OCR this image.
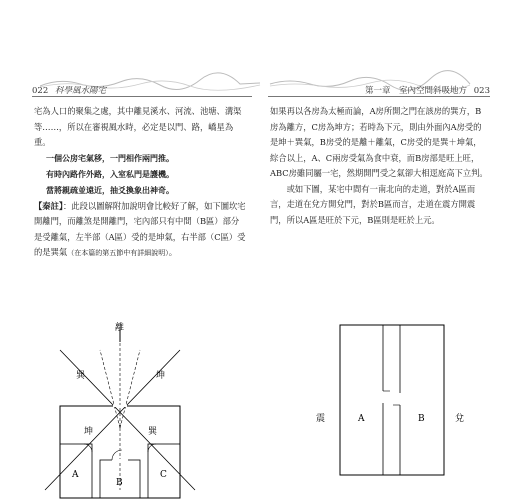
022 科學風水陽宅	第一章　室內空間斜吸地方 023

宅為人口的聚集之處，其中離見溪水、河流、池塘、溝渠等……，所以在審視風水時，必定是以門、路，嶠星為重。

一個公房宅氣移，一門相作兩門推。

有時內路作外路，入室私門是護機。

當將親疏並遠近，抽爻換象出神奇。

【秦註】：此段以圖解附加說明會比較好了解，如下圖坎宅開離門，而離煞是開離門，宅內部只有中間（B區）部分是受離氣，左半部（A區）受的是坤氣，右半部（C區）受的是巽氣（在本篇的第五節中有詳細說明）。

如果再以各房為太極而論，A房所開之門在該房的巽方，B房為離方，C房為坤方；若時為下元，則由外面內A房受的是坤＋巽氣，B房受的是離＋離氣，C房受的是巽＋坤氣，綜合以上，A、C兩房受氣為食中衰，而B房部是旺上旺，ABC房雖同屬一宅，然期開門受之氣卻大相逕庭高下立判。

或如下圖，某宅中間有一南北向的走道，對於A區而言，走道在兌方開兌門，對於B區而言，走道在震方開震門，所以A區是旺於下元，B區則是旺於上元。

離
巽	坤
坤	巽
A
B
C
震	兌
A	B
